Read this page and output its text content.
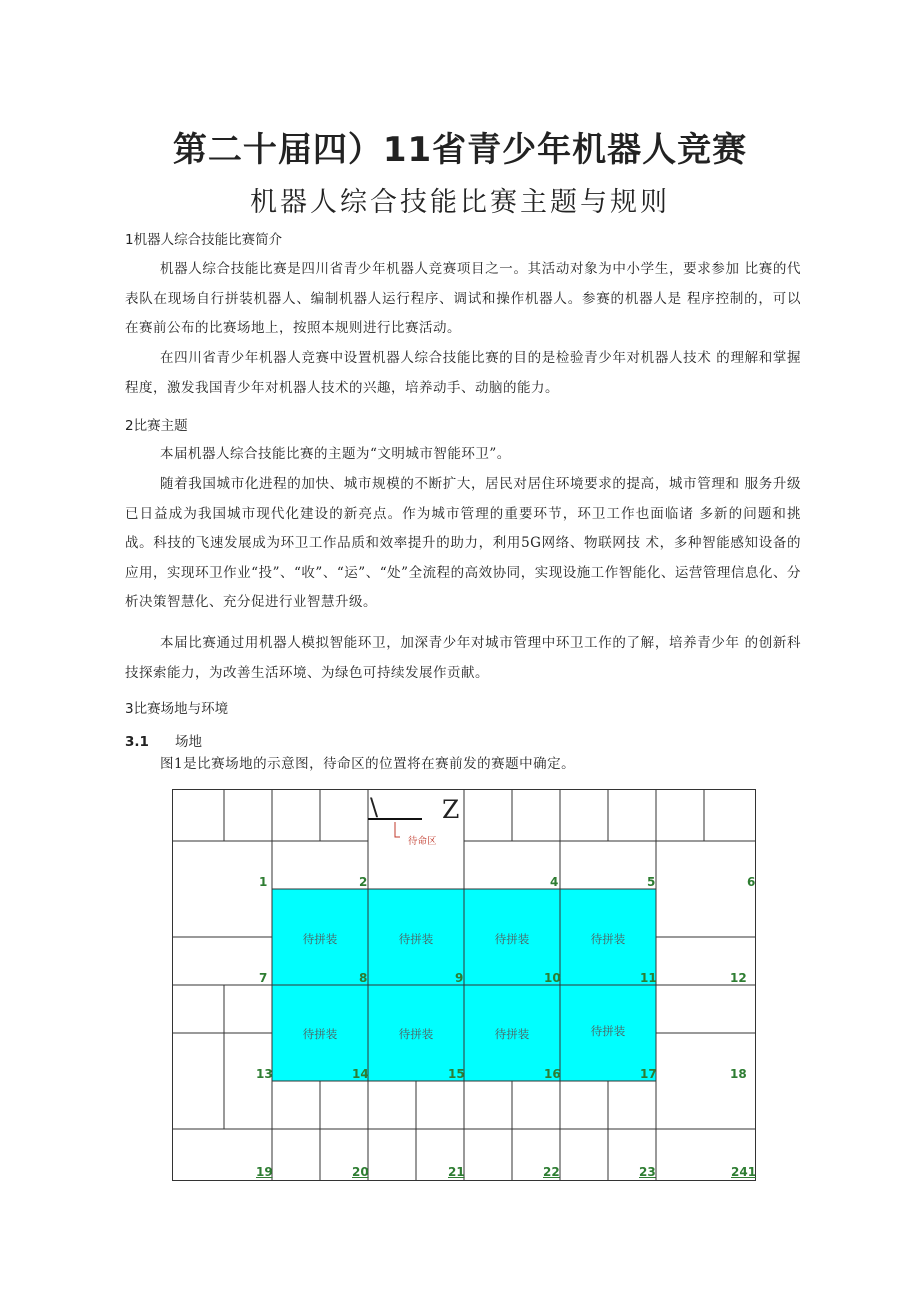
第二十届四）11省青少年机器人竞赛
机器人综合技能比赛主题与规则
1机器人综合技能比赛简介
机器人综合技能比赛是四川省青少年机器人竞赛项目之一。其活动对象为中小学生，要求参加 比赛的代表队在现场自行拼装机器人、编制机器人运行程序、调试和操作机器人。参赛的机器人是 程序控制的，可以在赛前公布的比赛场地上，按照本规则进行比赛活动。
在四川省青少年机器人竞赛中设置机器人综合技能比赛的目的是检验青少年对机器人技术 的理解和掌握程度，激发我国青少年对机器人技术的兴趣，培养动手、动脑的能力。
2比赛主题
本届机器人综合技能比赛的主题为“文明城市智能环卫”。
随着我国城市化进程的加快、城市规模的不断扩大，居民对居住环境要求的提高，城市管理和 服务升级已日益成为我国城市现代化建设的新亮点。作为城市管理的重要环节，环卫工作也面临诸 多新的问题和挑战。科技的飞速发展成为环卫工作品质和效率提升的助力，利用5G网络、物联网技 术，多种智能感知设备的应用，实现环卫作业“投”、“收”、“运”、“处”全流程的高效协同，实现设施工作智能化、运营管理信息化、分析决策智慧化、充分促进行业智慧升级。
本届比赛通过用机器人模拟智能环卫，加深青少年对城市管理中环卫工作的了解，培养青少年 的创新科技探索能力，为改善生活环境、为绿色可持续发展作贡献。
3比赛场地与环境
3.1 场地
图1是比赛场地的示意图，待命区的位置将在赛前发的赛题中确定。
\	Z
待命区
待拼装	待拼装	待拼装	待拼装
待拼装	待拼装	待拼装	待拼装
1	2	4	5	6
7	8	9	10	11	12
13	14	15	16	17	18
19	20	21	22	23	241
